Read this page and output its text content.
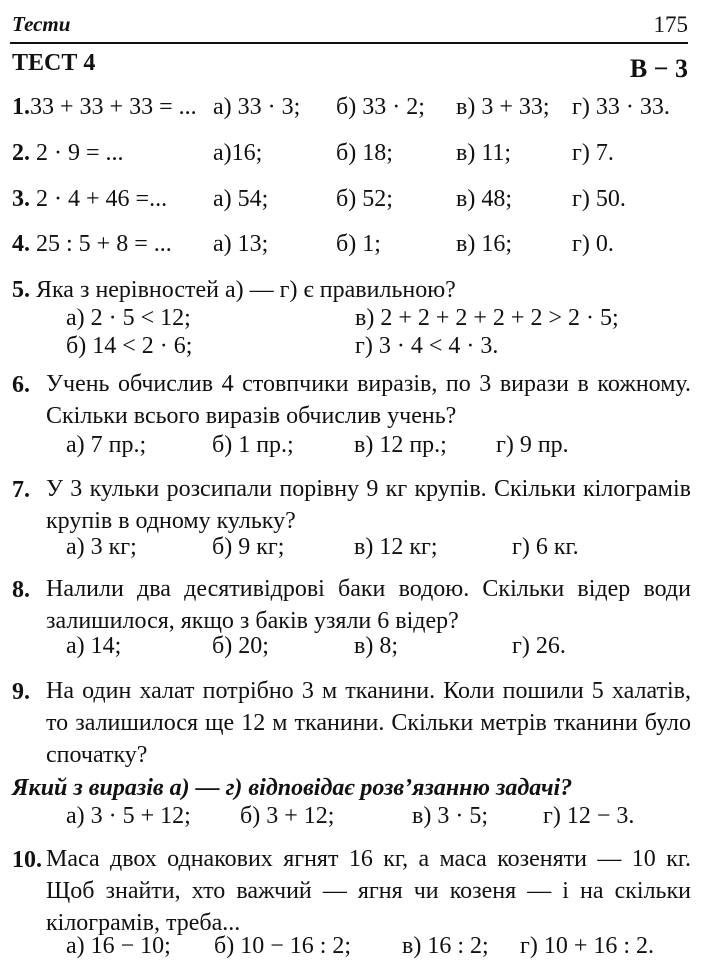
Тести	175
ТЕСТ 4	В − 3
1.33 + 33 + 33 = ... а) 33 · 3; б) 33 · 2; в) 3 + 33; г) 33 · 33.
2. 2 · 9 = ...	а)16;	б) 18;	в) 11;	г) 7.
3. 2 · 4 + 46 =... а) 54;	б) 52;	в) 48;	г) 50.
4. 25 : 5 + 8 = ... а) 13;	б) 1;	в) 16;	г) 0.
5. Яка з нерівностей а) — г) є правильною?
а) 2 · 5 < 12;	в) 2 + 2 + 2 + 2 + 2 > 2 · 5;
б) 14 < 2 · 6;	г) 3 · 4 < 4 · 3.
6. Учень обчислив 4 стовпчики виразів, по 3 вирази в кожному. Скільки всього виразів обчислив учень?
а) 7 пр.;	б) 1 пр.;	в) 12 пр.; г) 9 пр.
7. У 3 кульки розсипали порівну 9 кг крупів. Скільки кілограмів крупів в одному кульку?
а) 3 кг;	б) 9 кг;	в) 12 кг;	г) 6 кг.
8. Налили два десятивідрові баки водою. Скільки відер води залишилося, якщо з баків узяли 6 відер?
а) 14;	б) 20;	в) 8;	г) 26.
9. На один халат потрібно 3 м тканини. Коли пошили 5 халатів, то залишилося ще 12 м тканини. Скільки метрів тканини було спочатку?
Який з виразів а) — г) відповідає розв’язанню задачі?
а) 3 · 5 + 12; б) 3 + 12;	в) 3 · 5; г) 12 − 3.
10. Маса двох однакових ягнят 16 кг, а маса козеняти — 10 кг. Щоб знайти, хто важчий — ягня чи козеня — і на скільки кілограмів, треба...
а) 16 − 10; б) 10 − 16 : 2; в) 16 : 2; г) 10 + 16 : 2.
